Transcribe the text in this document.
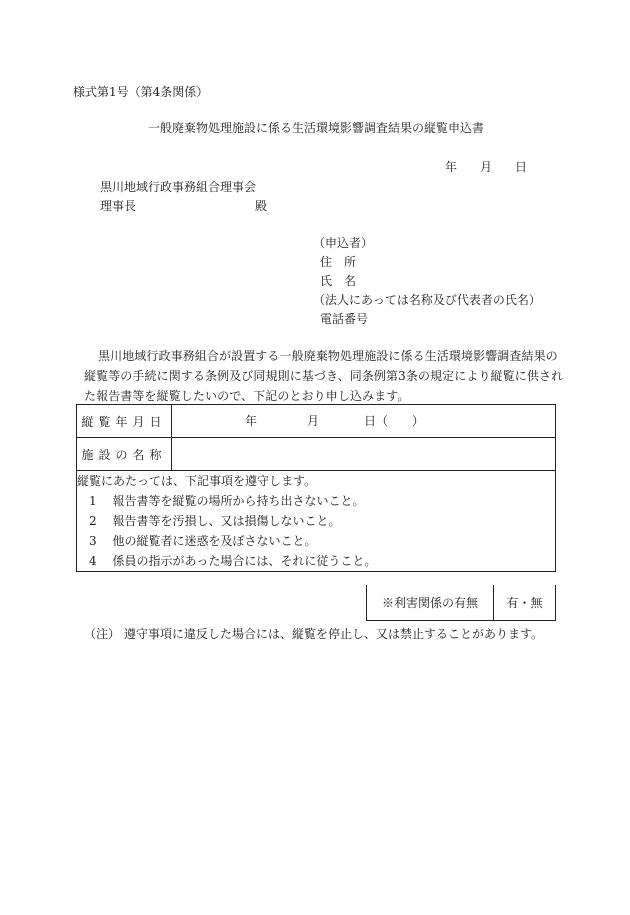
様式第1号（第4条関係）
一般廃棄物処理施設に係る生活環境影響調査結果の縦覧申込書
年 月 日
黒川地域行政事務組合理事会
理事長	殿
（申込者）
住　所
氏　名
（法人にあっては名称及び代表者の氏名）
電話番号
黒川地域行政事務組合が設置する一般廃棄物処理施設に係る生活環境影響調査結果の
縦覧等の手続に関する条例及び同規則に基づき、同条例第3条の規定により縦覧に供され
た報告書等を縦覧したいので、下記のとおり申し込みます。
縦覧年月日	年 月 日（　　）

施設の名称	

縦覧にあたっては、下記事項を遵守します。
1　 報告書等を縦覧の場所から持ち出さないこと。
2　 報告書等を汚損し、又は損傷しないこと。
3　 他の縦覧者に迷惑を及ぼさないこと。
4　 係員の指示があった場合には、それに従うこと。	
※利害関係の有無	有・無
（注） 遵守事項に違反した場合には、縦覧を停止し、又は禁止することがあります。
